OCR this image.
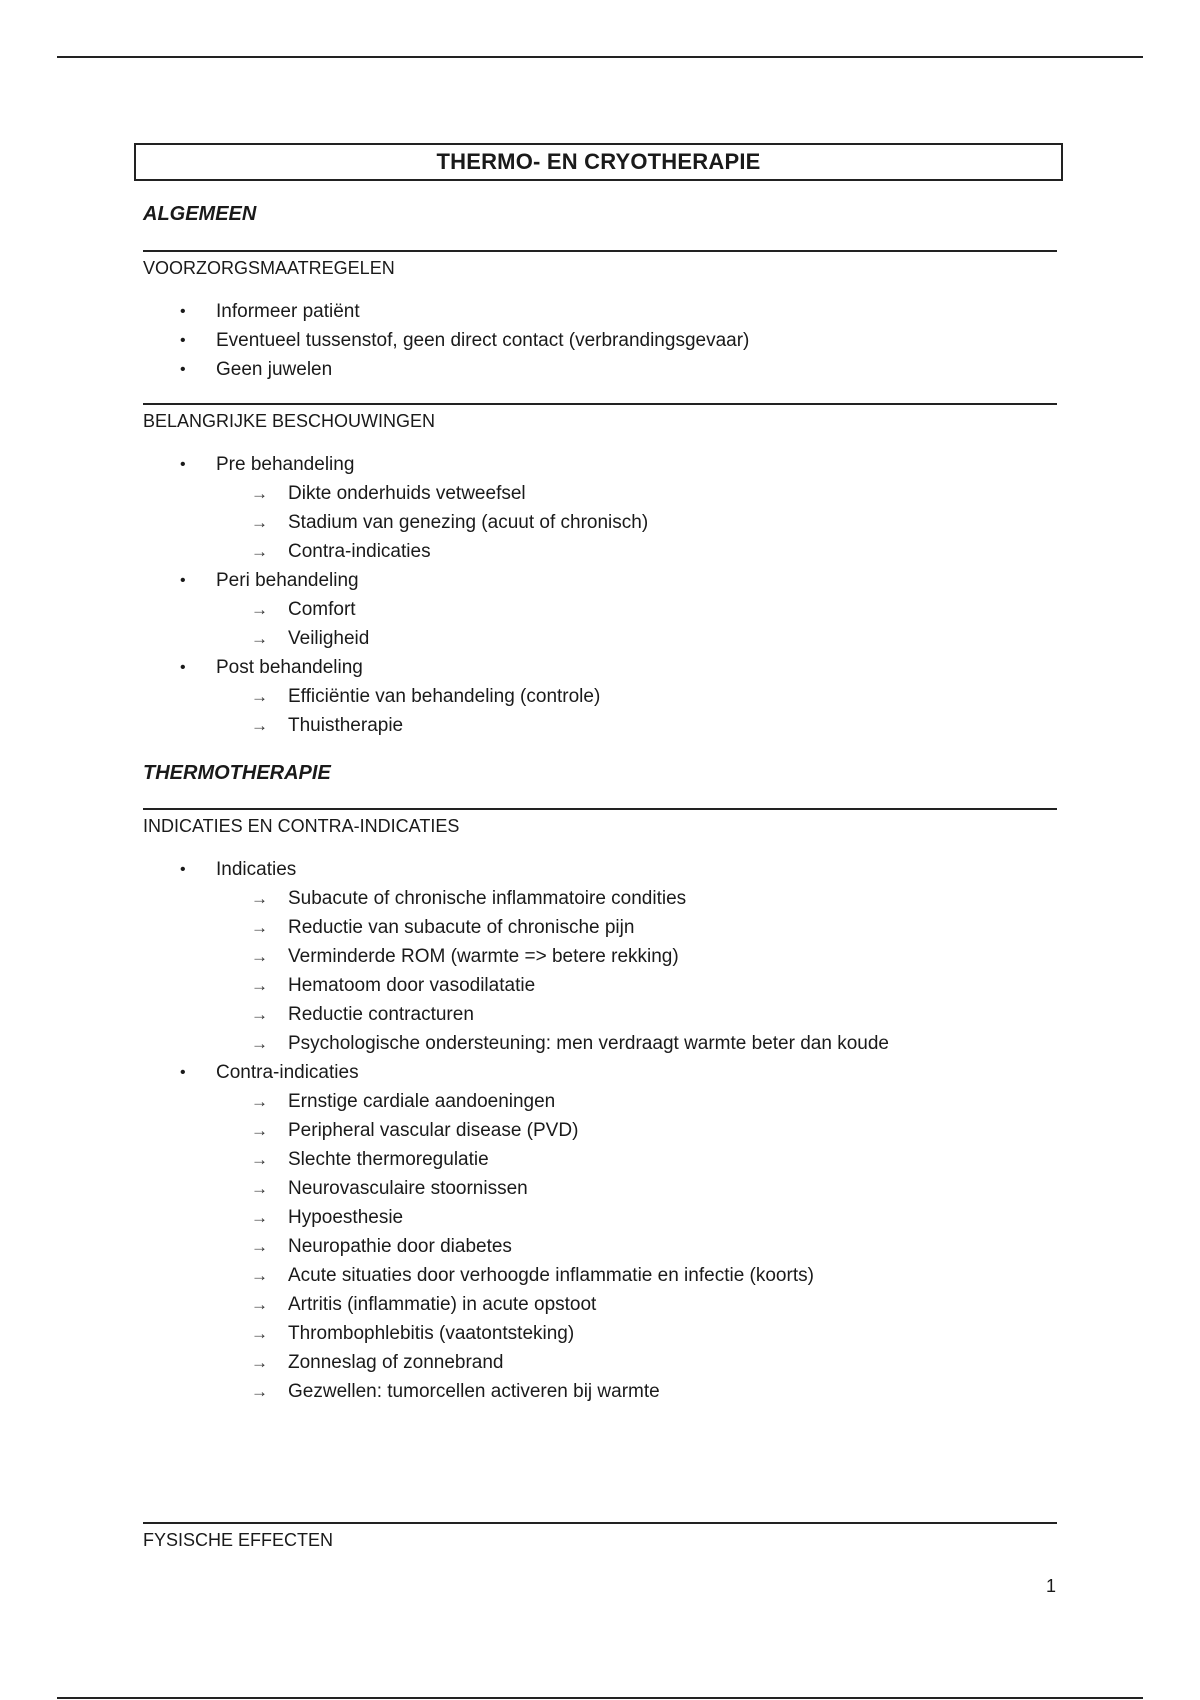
THERMO- EN CRYOTHERAPIE
ALGEMEEN
VOORZORGSMAATREGELEN
• Informeer patiënt
• Eventueel tussenstof, geen direct contact (verbrandingsgevaar)
• Geen juwelen
BELANGRIJKE BESCHOUWINGEN
• Pre behandeling
→ Dikte onderhuids vetweefsel
→ Stadium van genezing (acuut of chronisch)
→ Contra-indicaties
• Peri behandeling
→ Comfort
→ Veiligheid
• Post behandeling
→ Efficiëntie van behandeling (controle)
→ Thuistherapie
THERMOTHERAPIE
INDICATIES EN CONTRA-INDICATIES
• Indicaties
→ Subacute of chronische inflammatoire condities
→ Reductie van subacute of chronische pijn
→ Verminderde ROM (warmte => betere rekking)
→ Hematoom door vasodilatatie
→ Reductie contracturen
→ Psychologische ondersteuning: men verdraagt warmte beter dan koude
• Contra-indicaties
→ Ernstige cardiale aandoeningen
→ Peripheral vascular disease (PVD)
→ Slechte thermoregulatie
→ Neurovasculaire stoornissen
→ Hypoesthesie
→ Neuropathie door diabetes
→ Acute situaties door verhoogde inflammatie en infectie (koorts)
→ Artritis (inflammatie) in acute opstoot
→ Thrombophlebitis (vaatontsteking)
→ Zonneslag of zonnebrand
→ Gezwellen: tumorcellen activeren bij warmte
FYSISCHE EFFECTEN
1
